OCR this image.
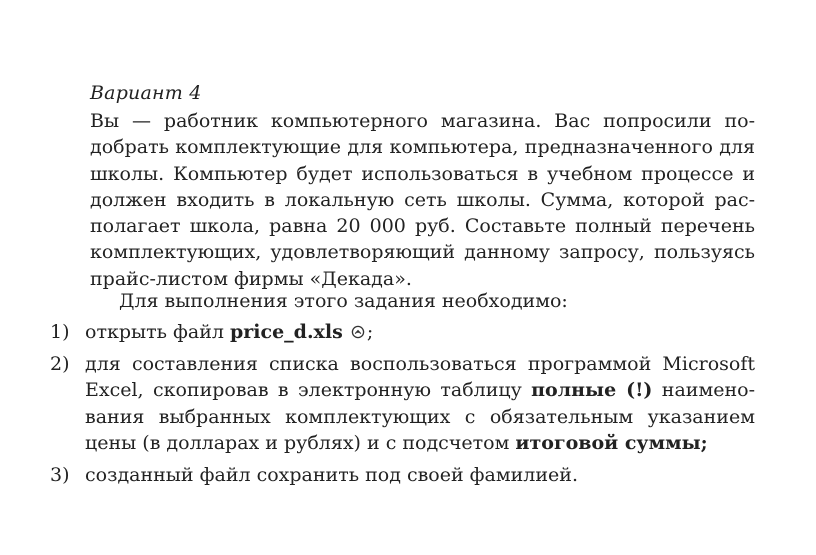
Вариант 4
Вы — работник компьютерного магазина. Вас попросили по-
добрать комплектующие для компьютера, предназначенного для
школы. Компьютер будет использоваться в учебном процессе и
должен входить в локальную сеть школы. Сумма, которой рас-
полагает школа, равна 20 000 руб. Составьте полный перечень
комплектующих, удовлетворяющий данному запросу, пользуясь
прайс-листом фирмы «Декада».
Для выполнения этого задания необходимо:
1) открыть файл price_d.xls ;
2) для составления списка воспользоваться программой Microsoft
Excel, скопировав в электронную таблицу полные (!) наимено-
вания выбранных комплектующих с обязательным указанием
цены (в долларах и рублях) и с подсчетом итоговой суммы;
3) созданный файл сохранить под своей фамилией.
